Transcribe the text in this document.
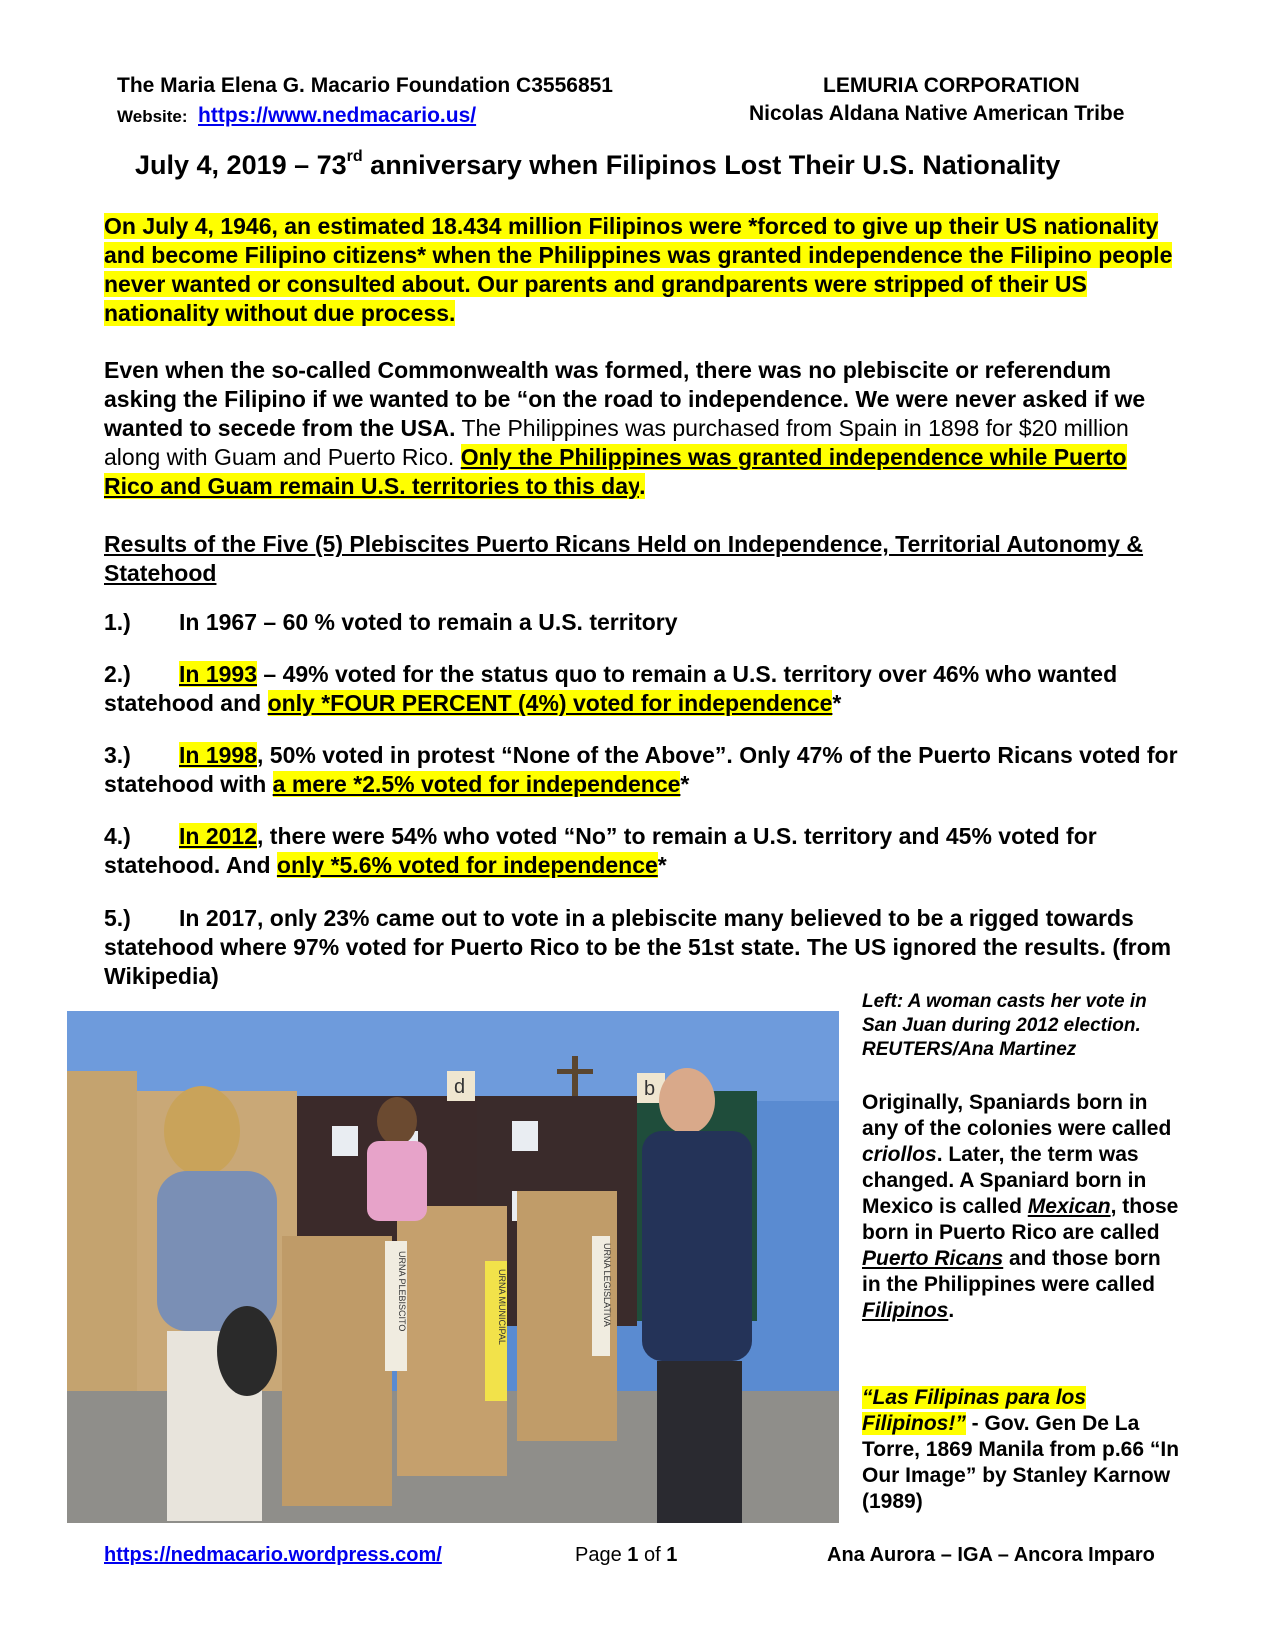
The Maria Elena G. Macario Foundation C3556851
Website: https://www.nedmacario.us/
LEMURIA CORPORATION
Nicolas Aldana Native American Tribe
July 4, 2019 – 73rd anniversary when Filipinos Lost Their U.S. Nationality
On July 4, 1946, an estimated 18.434 million Filipinos were *forced to give up their US nationality and become Filipino citizens* when the Philippines was granted independence the Filipino people never wanted or consulted about. Our parents and grandparents were stripped of their US nationality without due process.
Even when the so-called Commonwealth was formed, there was no plebiscite or referendum asking the Filipino if we wanted to be “on the road to independence. We were never asked if we wanted to secede from the USA. The Philippines was purchased from Spain in 1898 for $20 million along with Guam and Puerto Rico. Only the Philippines was granted independence while Puerto Rico and Guam remain U.S. territories to this day.
Results of the Five (5) Plebiscites Puerto Ricans Held on Independence, Territorial Autonomy & Statehood
1.) In 1967 – 60 % voted to remain a U.S. territory
2.) In 1993 – 49% voted for the status quo to remain a U.S. territory over 46% who wanted statehood and only *FOUR PERCENT (4%) voted for independence*
3.) In 1998, 50% voted in protest “None of the Above”. Only 47% of the Puerto Ricans voted for statehood with a mere *2.5% voted for independence*
4.) In 2012, there were 54% who voted “No” to remain a U.S. territory and 45% voted for statehood. And only *5.6% voted for independence*
5.) In 2017, only 23% came out to vote in a plebiscite many believed to be a rigged towards statehood where 97% voted for Puerto Rico to be the 51st state. The US ignored the results. (from Wikipedia)
d	b
URNA PLEBISCITO	URNA MUNICIPAL	URNA LEGISLATIVA
Left: A woman casts her vote in San Juan during 2012 election. REUTERS/Ana Martinez
Originally, Spaniards born in any of the colonies were called criollos. Later, the term was changed. A Spaniard born in Mexico is called Mexican, those born in Puerto Rico are called Puerto Ricans and those born in the Philippines were called Filipinos.
“Las Filipinas para los Filipinos!” - Gov. Gen De La Torre, 1869 Manila from p.66 “In Our Image” by Stanley Karnow (1989)
https://nedmacario.wordpress.com/	Page 1 of 1	Ana Aurora – IGA – Ancora Imparo
